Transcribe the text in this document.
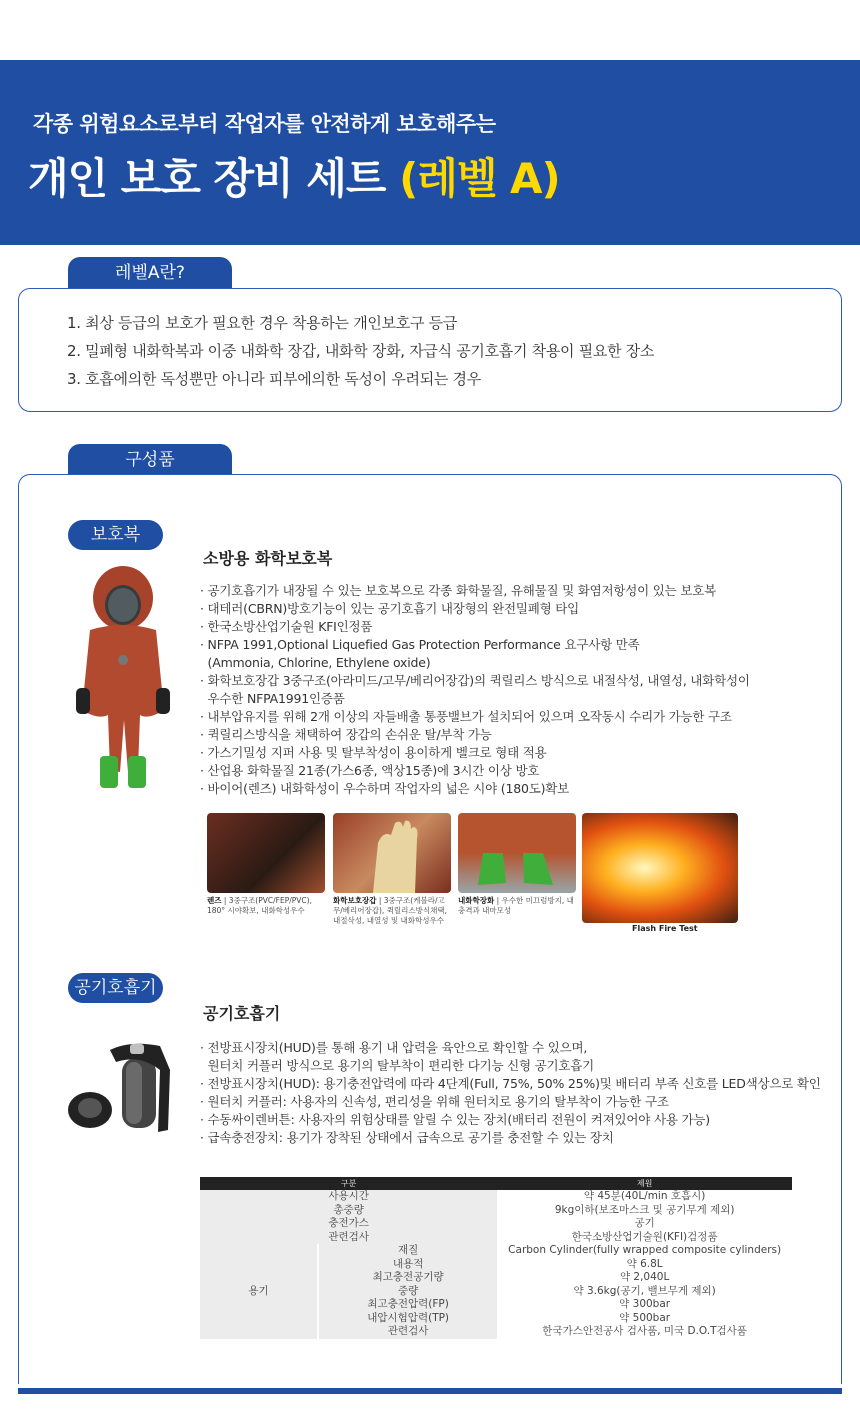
각종 위험요소로부터 작업자를 안전하게 보호해주는
개인 보호 장비 세트 (레벨 A)
레벨A란?
1. 최상 등급의 보호가 필요한 경우 착용하는 개인보호구 등급
2. 밀폐형 내화학복과 이중 내화학 장갑, 내화학 장화, 자급식 공기호흡기 착용이 필요한 장소
3. 호흡에의한 독성뿐만 아니라 피부에의한 독성이 우려되는 경우
구성품
보호복
소방용 화학보호복
· 공기호흡기가 내장될 수 있는 보호복으로 각종 화학물질, 유해물질 및 화염저항성이 있는 보호복
· 대테러(CBRN)방호기능이 있는 공기호흡기 내장형의 완전밀폐형 타입
· 한국소방산업기술원 KFI인정품
· NFPA 1991,Optional Liquefied Gas Protection Performance 요구사항 만족
(Ammonia, Chlorine, Ethylene oxide)
· 화학보호장갑 3중구조(아라미드/고무/베리어장갑)의 퀵릴리스 방식으로 내절삭성, 내열성, 내화학성이
우수한 NFPA1991인증품
· 내부압유지를 위해 2개 이상의 자들배출 통풍밸브가 설치되어 있으며 오작동시 수리가 가능한 구조
· 퀵릴리스방식을 채택하여 장갑의 손쉬운 탈/부착 가능
· 가스기밀성 지퍼 사용 및 탈부착성이 용이하게 벨크로 형태 적용
· 산업용 화학물질 21종(가스6종, 액상15종)에 3시간 이상 방호
· 바이어(렌즈) 내화학성이 우수하며 작업자의 넓은 시야 (180도)확보
렌즈 | 3중구조(PVC/FEP/PVC), 180° 시야확보, 내화학성우수
화학보호장갑 | 3중구조(케블라/고무/베리어장갑), 퀵릴리스방식채택, 내절삭성, 내열성 및 내화학성우수
내화학장화 | 우수한 미끄럼방지, 내충격과 내마모성
Flash Fire Test
공기호흡기
공기호흡기
· 전방표시장치(HUD)를 통해 용기 내 압력을 육안으로 확인할 수 있으며,
원터치 커플러 방식으로 용기의 탈부착이 편리한 다기능 신형 공기호흡기
· 전방표시장치(HUD): 용기충전압력에 따라 4단계(Full, 75%, 50% 25%)및 배터리 부족 신호를 LED색상으로 확인
· 원터치 커플러: 사용자의 신속성, 편리성을 위해 원터치로 용기의 탈부착이 가능한 구조
· 수동싸이렌버튼: 사용자의 위험상태를 알릴 수 있는 장치(배터리 전원이 켜져있어야 사용 가능)
· 급속충전장치: 용기가 장착된 상태에서 급속으로 공기를 충전할 수 있는 장치
구분		제원
사용시간		약 45분(40L/min 호흡시)
총중량		9kg이하(보조마스크 및 공기무게 제외)
충전가스		공기
관련검사		한국소방산업기술원(KFI)검정품
용기	재질	Carbon Cylinder(fully wrapped composite cylinders)
	내용적	약 6.8L
	최고충전공기량	약 2,040L
	중량	약 3.6kg(공기, 밸브무게 제외)
	최고충전압력(FP)	약 300bar
	내압시험압력(TP)	약 500bar
	관련검사	한국가스안전공사 검사품, 미국 D.O.T검사품
